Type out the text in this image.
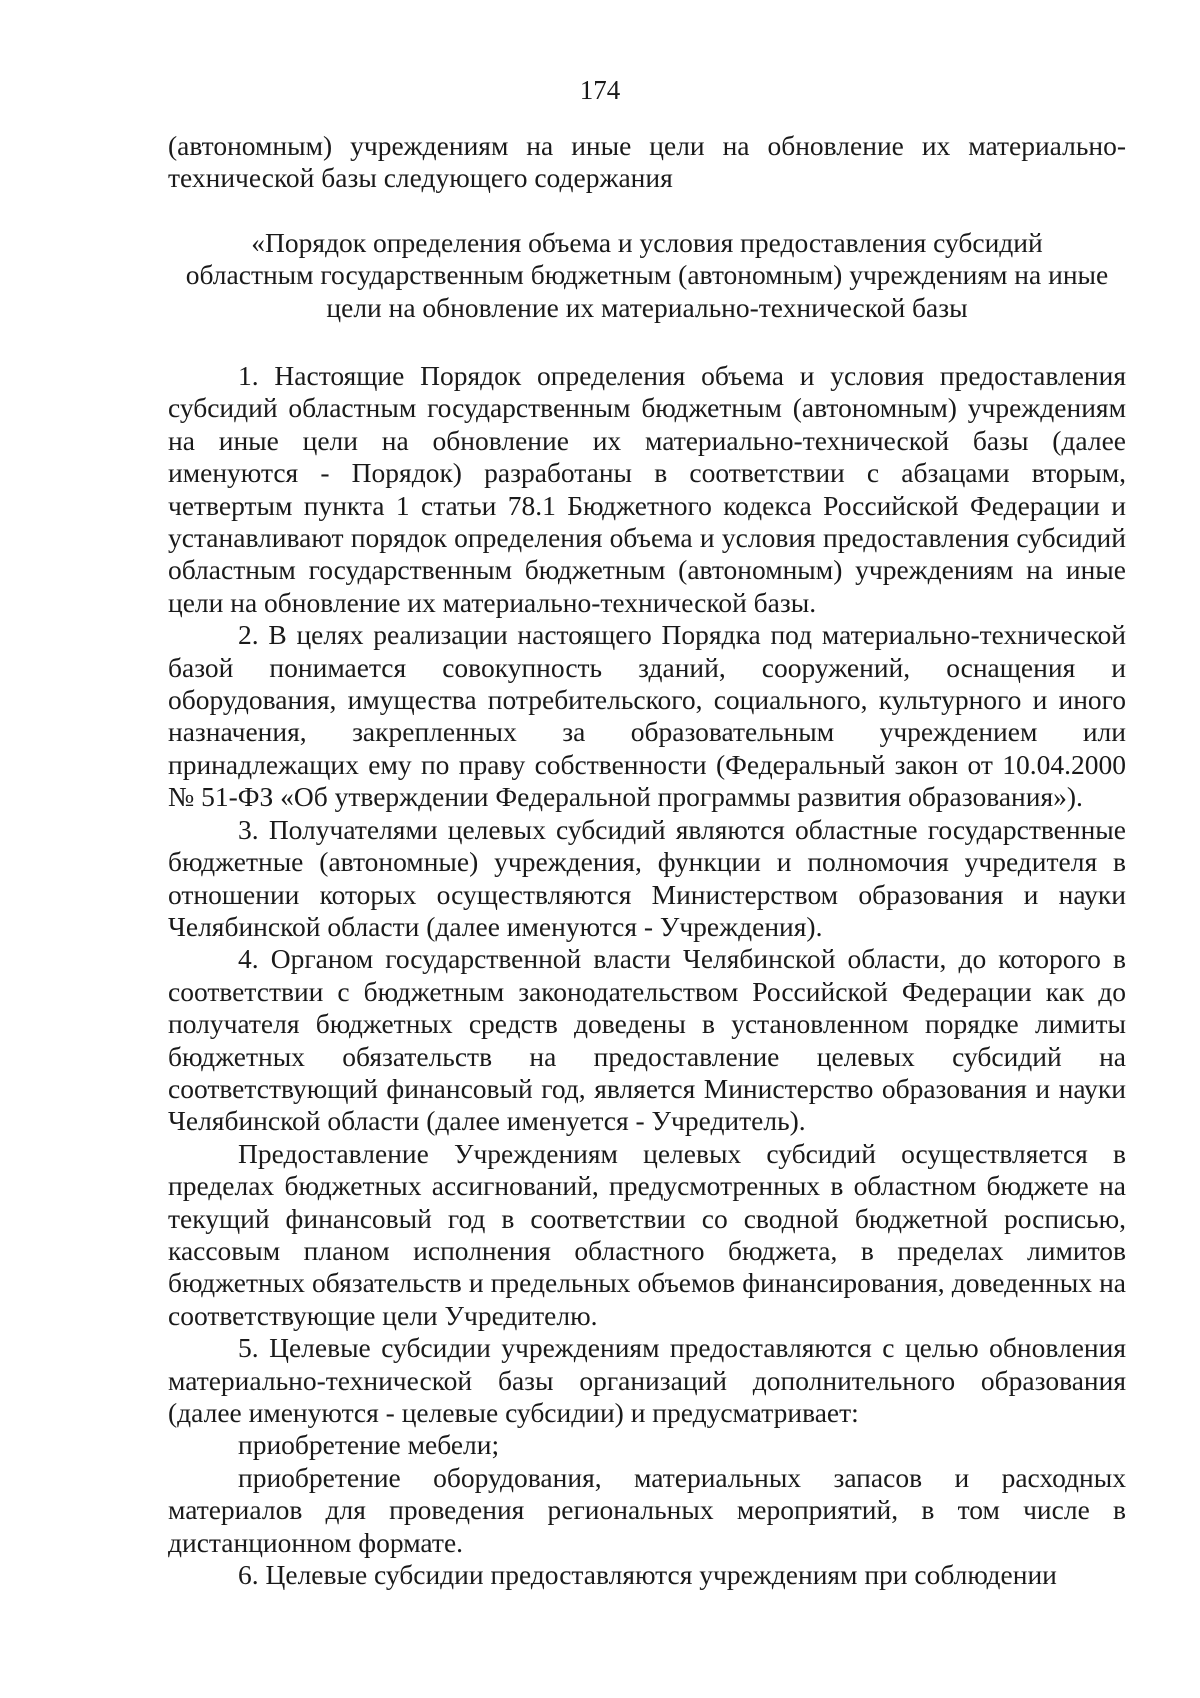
174

(автономным) учреждениям на иные цели на обновление их материально-технической базы следующего содержания

«Порядок определения объема и условия предоставления субсидий
областным государственным бюджетным (автономным) учреждениям на иные
цели на обновление их материально-технической базы

1. Настоящие Порядок определения объема и условия предоставления субсидий областным государственным бюджетным (автономным) учреждениям на иные цели на обновление их материально-технической базы (далее именуются - Порядок) разработаны в соответствии с абзацами вторым, четвертым пункта 1 статьи 78.1 Бюджетного кодекса Российской Федерации и устанавливают порядок определения объема и условия предоставления субсидий областным государственным бюджетным (автономным) учреждениям на иные цели на обновление их материально-технической базы.

2. В целях реализации настоящего Порядка под материально-технической базой понимается совокупность зданий, сооружений, оснащения и оборудования, имущества потребительского, социального, культурного и иного назначения, закрепленных за образовательным учреждением или принадлежащих ему по праву собственности (Федеральный закон от 10.04.2000 № 51-ФЗ «Об утверждении Федеральной программы развития образования»).

3. Получателями целевых субсидий являются областные государственные бюджетные (автономные) учреждения, функции и полномочия учредителя в отношении которых осуществляются Министерством образования и науки Челябинской области (далее именуются - Учреждения).

4. Органом государственной власти Челябинской области, до которого в соответствии с бюджетным законодательством Российской Федерации как до получателя бюджетных средств доведены в установленном порядке лимиты бюджетных обязательств на предоставление целевых субсидий на соответствующий финансовый год, является Министерство образования и науки Челябинской области (далее именуется - Учредитель).

Предоставление Учреждениям целевых субсидий осуществляется в пределах бюджетных ассигнований, предусмотренных в областном бюджете на текущий финансовый год в соответствии со сводной бюджетной росписью, кассовым планом исполнения областного бюджета, в пределах лимитов бюджетных обязательств и предельных объемов финансирования, доведенных на соответствующие цели Учредителю.

5. Целевые субсидии учреждениям предоставляются с целью обновления материально-технической базы организаций дополнительного образования (далее именуются - целевые субсидии) и предусматривает:

приобретение мебели;

приобретение оборудования, материальных запасов и расходных материалов для проведения региональных мероприятий, в том числе в дистанционном формате.

6. Целевые субсидии предоставляются учреждениям при соблюдении
